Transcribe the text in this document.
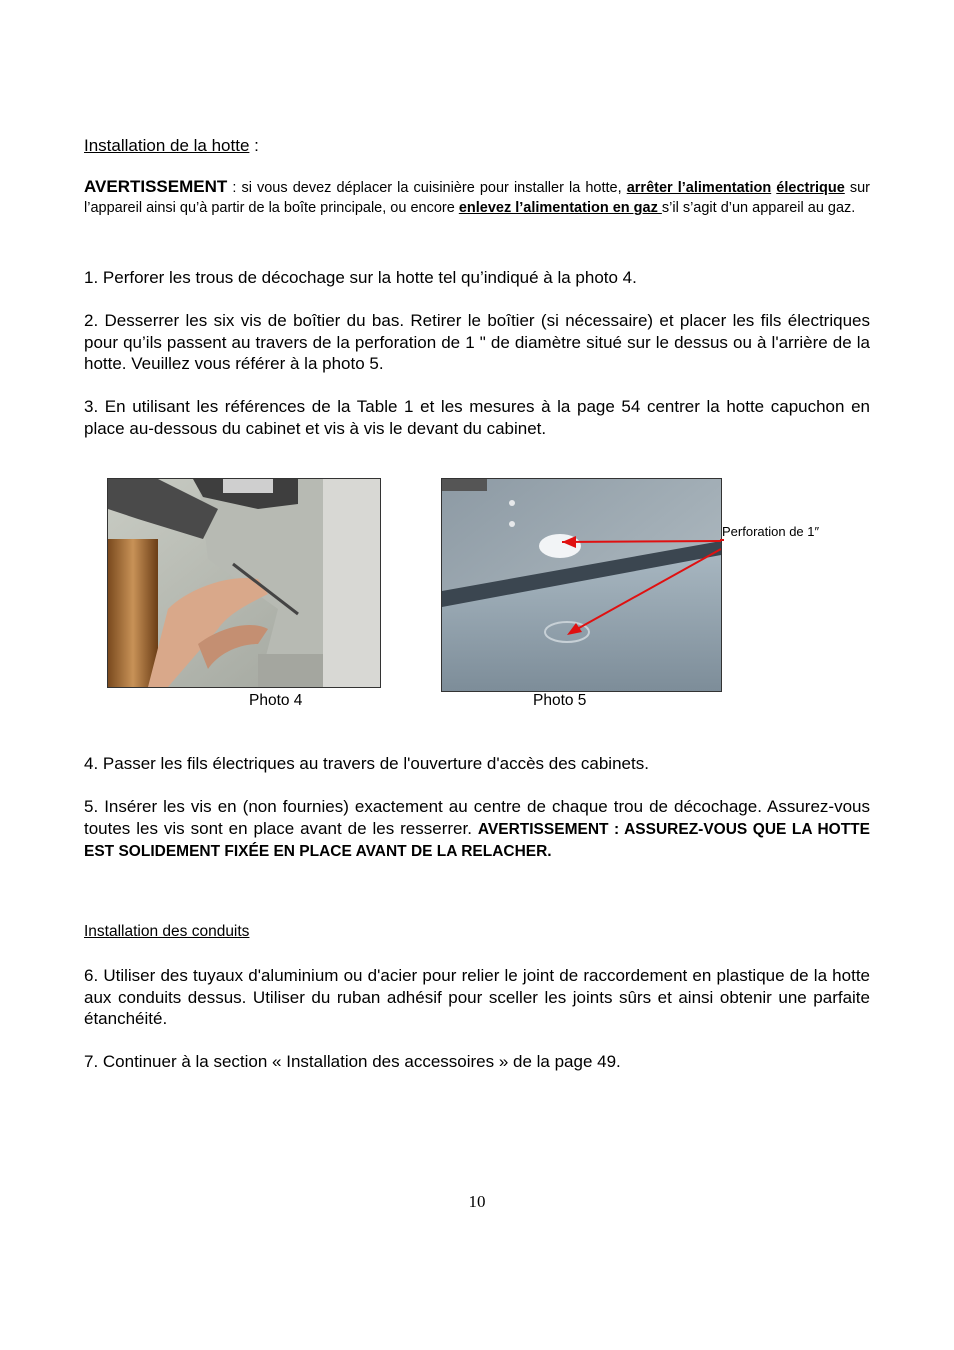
Installation de la hotte :
AVERTISSEMENT : si vous devez déplacer la cuisinière pour installer la hotte, arrêter l’alimentation électrique sur l’appareil ainsi qu’à partir de la boîte principale, ou encore enlevez l’alimentation en gaz s’il s’agit d’un appareil au gaz.

1. Perforer les trous de décochage sur la hotte tel qu’indiqué à la photo 4.

2. Desserrer les six vis de boîtier du bas. Retirer le boîtier (si nécessaire) et placer les fils électriques pour qu’ils passent au travers de la perforation de 1 " de diamètre situé sur le dessus ou à l'arrière de la hotte. Veuillez vous référer à la photo 5.

3. En utilisant les références de la Table 1 et les mesures à la page 54 centrer la hotte capuchon en place au-dessous du cabinet et vis à vis le devant du cabinet.

Perforation de 1″
Photo 4	Photo 5

4. Passer les fils électriques au travers de l'ouverture d'accès des cabinets.

5. Insérer les vis en (non fournies) exactement au centre de chaque trou de décochage. Assurez-vous toutes les vis sont en place avant de les resserrer. AVERTISSEMENT : ASSUREZ-VOUS QUE LA HOTTE EST SOLIDEMENT FIXÉE EN PLACE AVANT DE LA RELACHER.
Installation des conduits

6. Utiliser des tuyaux d'aluminium ou d'acier pour relier le joint de raccordement en plastique de la hotte aux conduits dessus. Utiliser du ruban adhésif pour sceller les joints sûrs et ainsi obtenir une parfaite étanchéité.

7. Continuer à la section « Installation des accessoires » de la page 49.

10
